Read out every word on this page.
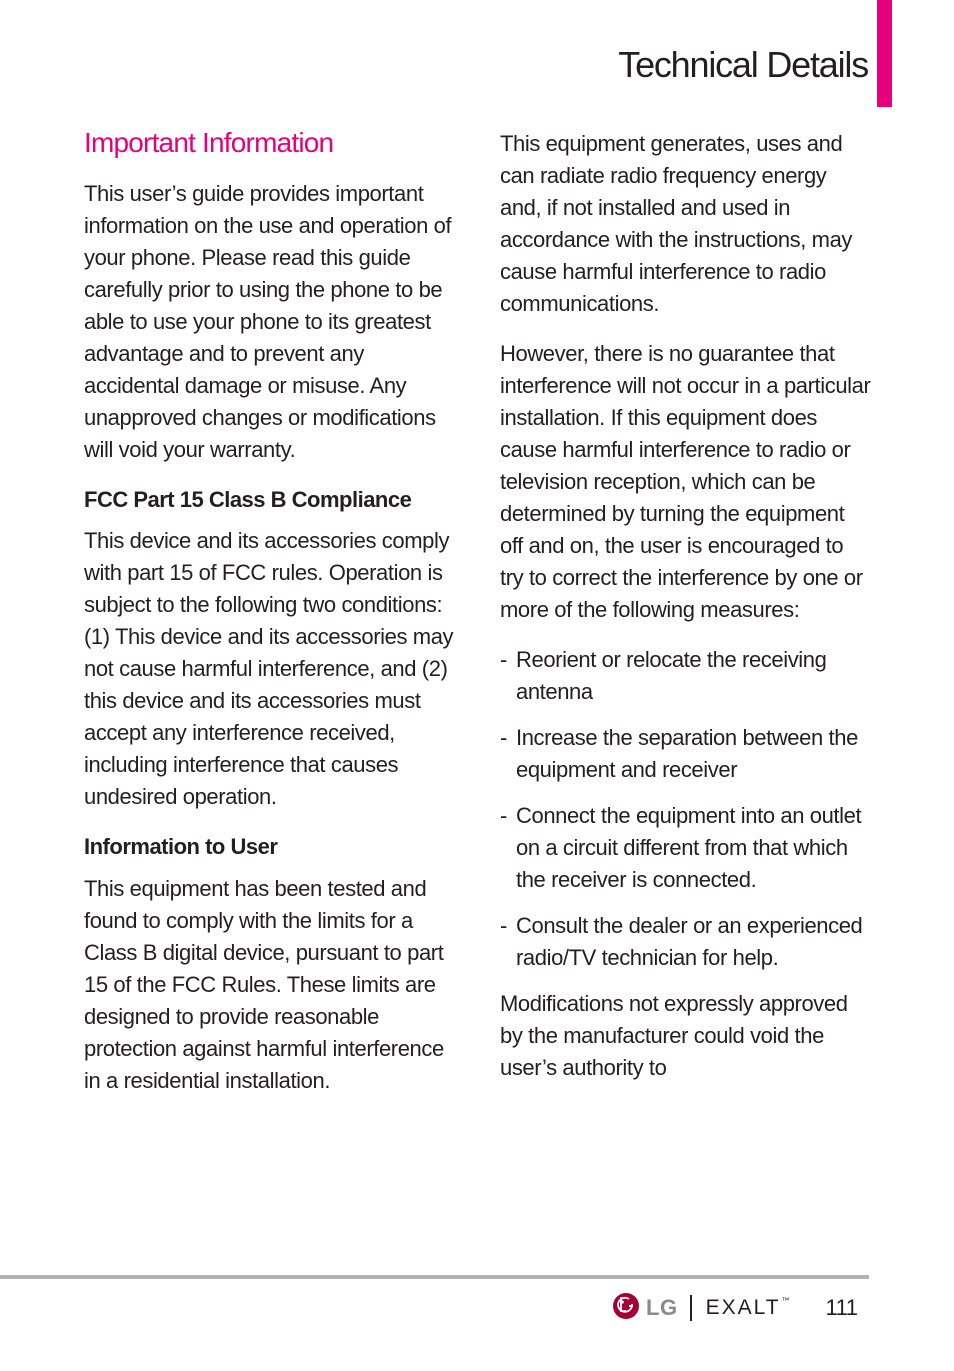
Technical Details
Important Information

This user’s guide provides important information on the use and operation of your phone. Please read this guide carefully prior to using the phone to be able to use your phone to its greatest advantage and to prevent any accidental damage or misuse. Any unapproved changes or modifications will void your warranty.

FCC Part 15 Class B Compliance

This device and its accessories comply with part 15 of FCC rules. Operation is subject to the following two conditions: (1) This device and its accessories may not cause harmful interference, and (2) this device and its accessories must accept any interference received, including interference that causes undesired operation.

Information to User

This equipment has been tested and found to comply with the limits for a Class B digital device, pursuant to part 15 of the FCC Rules. These limits are designed to provide reasonable protection against harmful interference in a residential installation.

This equipment generates, uses and can radiate radio frequency energy and, if not installed and used in accordance with the instructions, may cause harmful interference to radio communications.

However, there is no guarantee that interference will not occur in a particular installation. If this equipment does cause harmful interference to radio or television reception, which can be determined by turning the equipment off and on, the user is encouraged to try to correct the interference by one or more of the following measures:

- Reorient or relocate the receiving antenna
- Increase the separation between the equipment and receiver
- Connect the equipment into an outlet on a circuit different from that which the receiver is connected.
- Consult the dealer or an experienced radio/TV technician for help.

Modifications not expressly approved by the manufacturer could void the user’s authority to

LG EXALT™ 111
